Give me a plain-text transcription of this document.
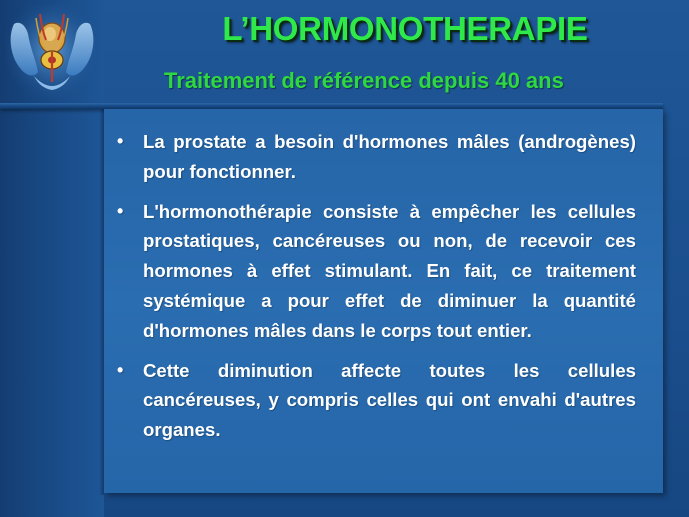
L’HORMONOTHERAPIE
Traitement de référence depuis 40 ans
• La prostate a besoin d'hormones mâles (androgènes) pour fonctionner.
• L'hormonothérapie consiste à empêcher les cellules prostatiques, cancéreuses ou non, de recevoir ces hormones à effet stimulant. En fait, ce traitement systémique a pour effet de diminuer la quantité d'hormones mâles dans le corps tout entier.
• Cette diminution affecte toutes les cellules cancéreuses, y compris celles qui ont envahi d'autres organes.
